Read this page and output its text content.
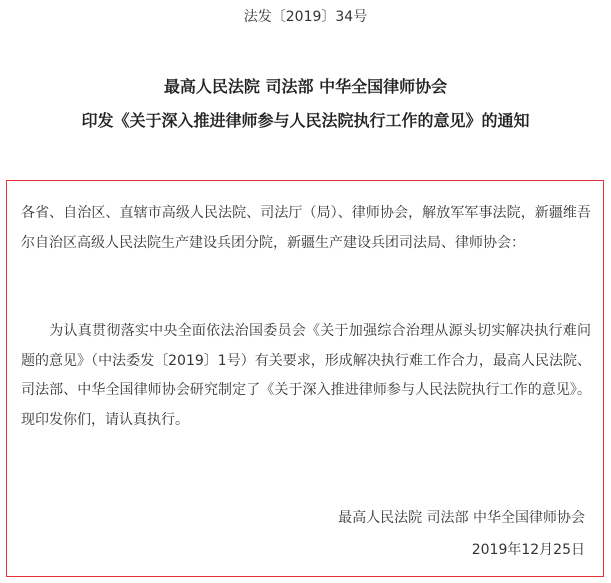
法发〔2019〕34号
最高人民法院 司法部 中华全国律师协会
印发《关于深入推进律师参与人民法院执行工作的意见》的通知
各省、自治区、直辖市高级人民法院、司法厅（局）、律师协会，解放军军事法院，新疆维吾尔自治区高级人民法院生产建设兵团分院，新疆生产建设兵团司法局、律师协会：
为认真贯彻落实中央全面依法治国委员会《关于加强综合治理从源头切实解决执行难问题的意见》（中法委发〔2019〕1号）有关要求，形成解决执行难工作合力，最高人民法院、司法部、中华全国律师协会研究制定了《关于深入推进律师参与人民法院执行工作的意见》。现印发你们，请认真执行。
最高人民法院 司法部 中华全国律师协会
2019年12月25日
